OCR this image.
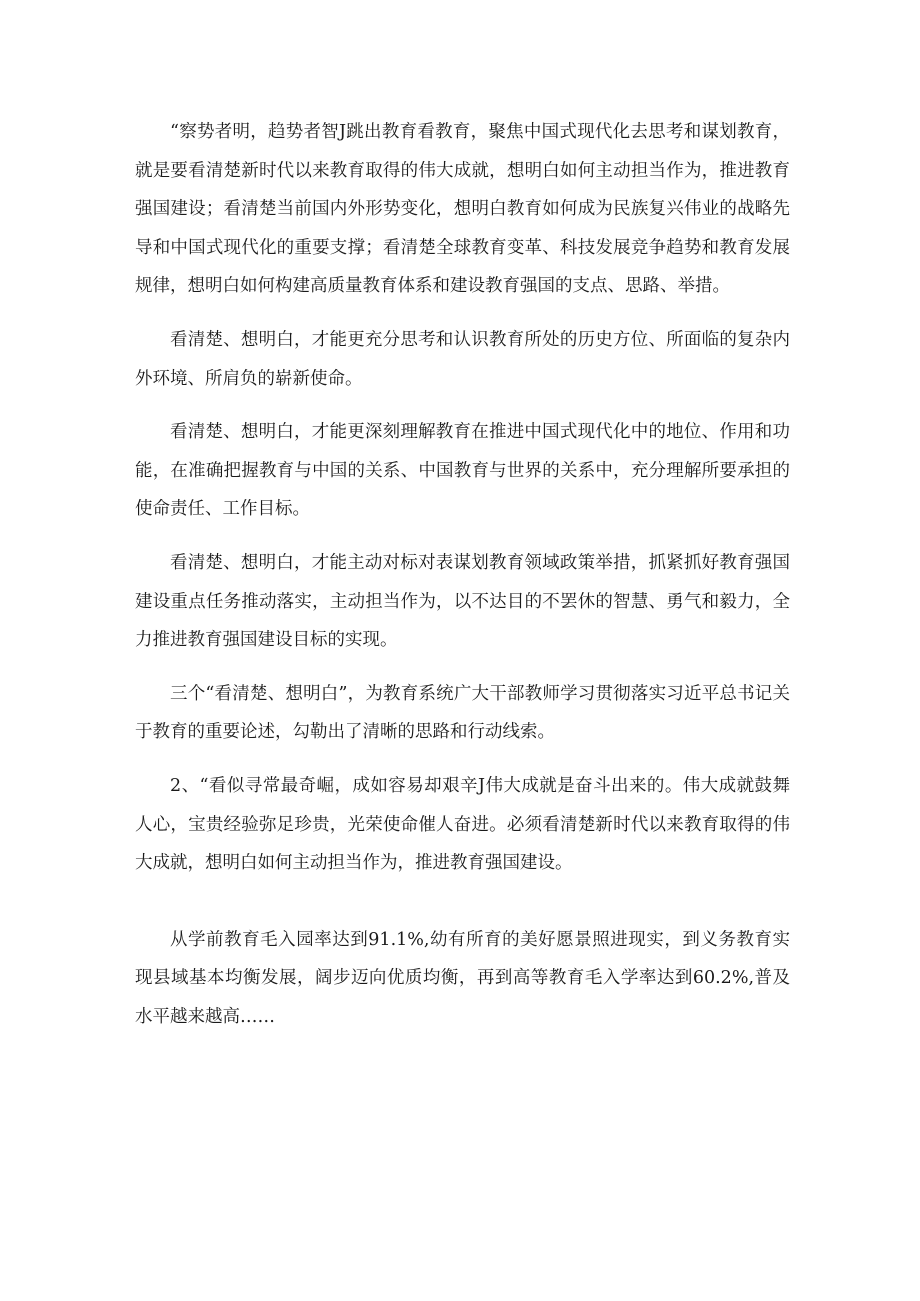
“察势者明，趋势者智J跳出教育看教育，聚焦中国式现代化去思考和谋划教育，就是要看清楚新时代以来教育取得的伟大成就，想明白如何主动担当作为，推进教育强国建设；看清楚当前国内外形势变化，想明白教育如何成为民族复兴伟业的战略先导和中国式现代化的重要支撑；看清楚全球教育变革、科技发展竞争趋势和教育发展规律，想明白如何构建高质量教育体系和建设教育强国的支点、思路、举措。

看清楚、想明白，才能更充分思考和认识教育所处的历史方位、所面临的复杂内外环境、所肩负的崭新使命。

看清楚、想明白，才能更深刻理解教育在推进中国式现代化中的地位、作用和功能，在准确把握教育与中国的关系、中国教育与世界的关系中，充分理解所要承担的使命责任、工作目标。

看清楚、想明白，才能主动对标对表谋划教育领域政策举措，抓紧抓好教育强国建设重点任务推动落实，主动担当作为，以不达目的不罢休的智慧、勇气和毅力，全力推进教育强国建设目标的实现。

三个“看清楚、想明白”，为教育系统广大干部教师学习贯彻落实习近平总书记关于教育的重要论述，勾勒出了清晰的思路和行动线索。

2、“看似寻常最奇崛，成如容易却艰辛J伟大成就是奋斗出来的。伟大成就鼓舞人心，宝贵经验弥足珍贵，光荣使命催人奋进。必须看清楚新时代以来教育取得的伟大成就，想明白如何主动担当作为，推进教育强国建设。

从学前教育毛入园率达到91.1%,幼有所育的美好愿景照进现实，到义务教育实现县域基本均衡发展，阔步迈向优质均衡，再到高等教育毛入学率达到60.2%,普及水平越来越高……
